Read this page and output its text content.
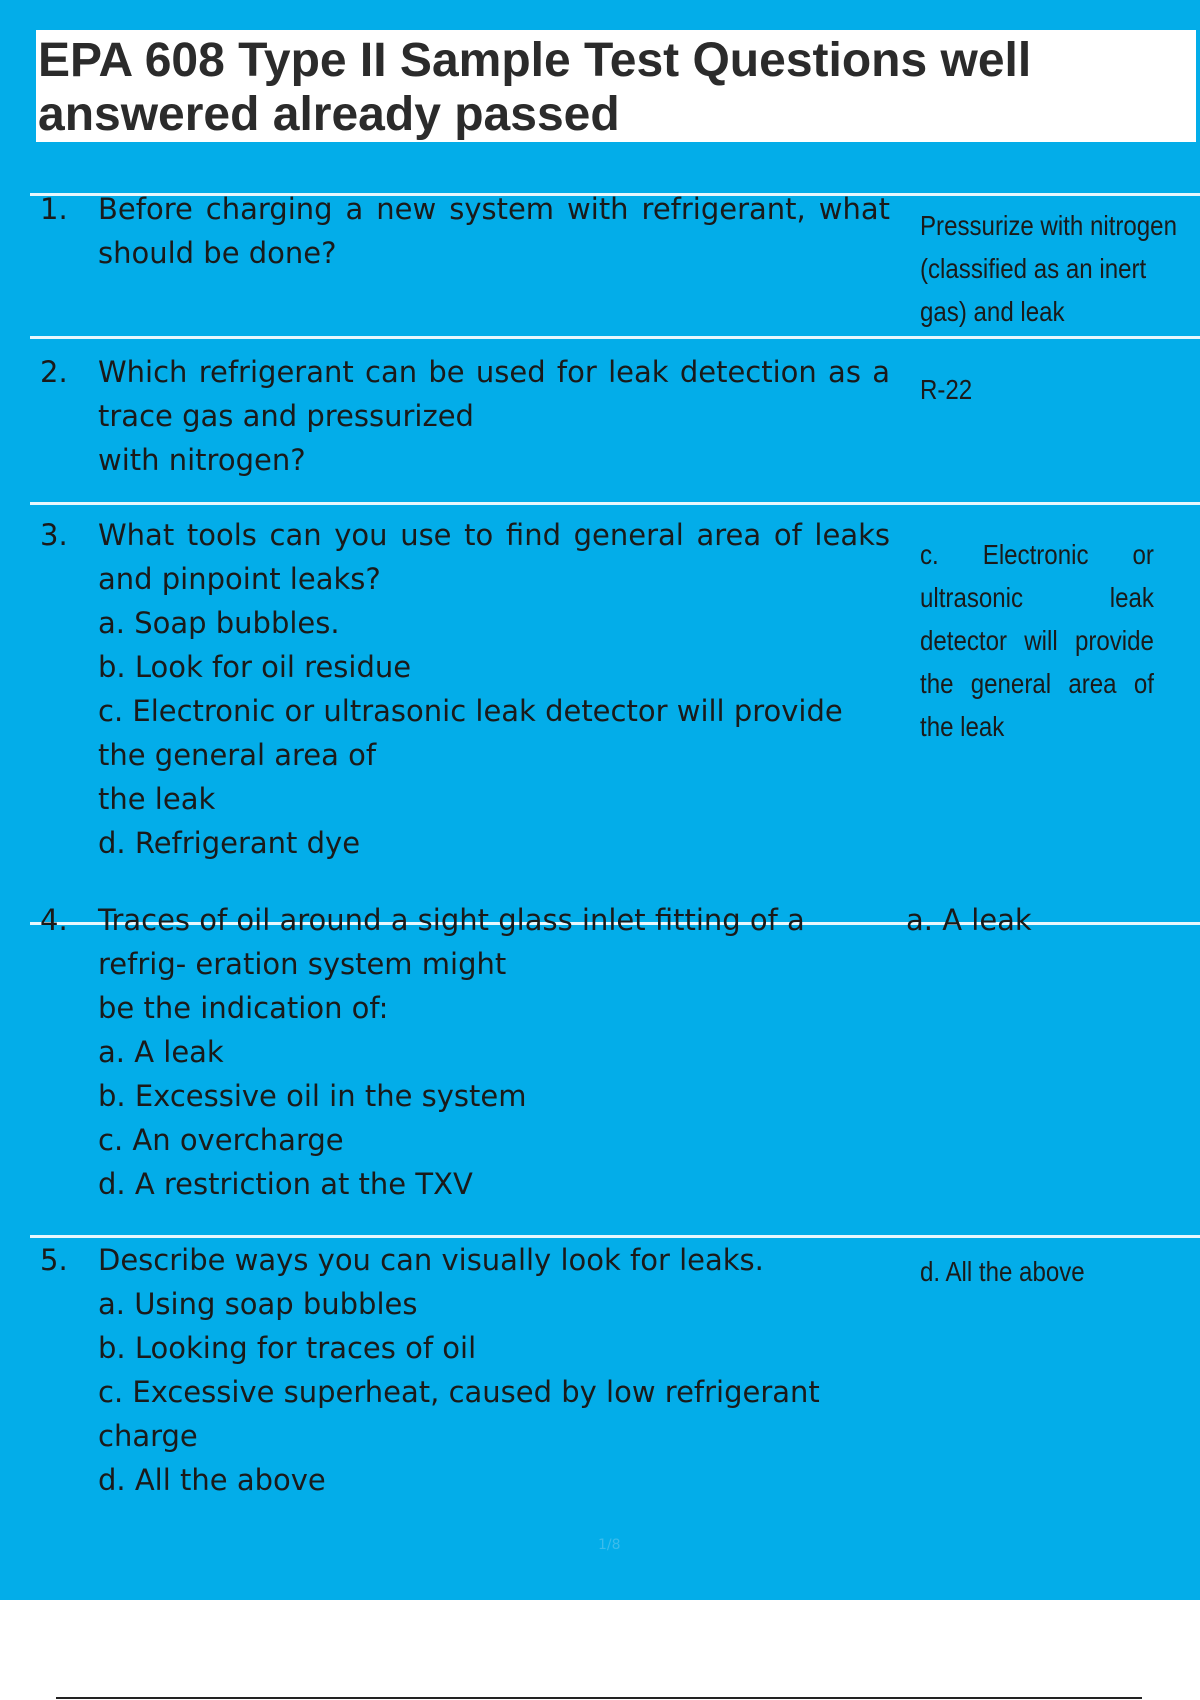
EPA 608 Type II Sample Test Questions well answered already passed
1. Before charging a new system with refrigerant, what should be done?

Pressurize with nitrogen (classified as an inert gas) and leak
2. Which refrigerant can be used for leak detection as a trace gas and pressurized

with nitrogen?

R-22
3. What tools can you use to find general area of leaks and pinpoint leaks?

a. Soap bubbles.

b. Look for oil residue

c. Electronic or ultrasonic leak detector will provide the general area of

the leak

d. Refrigerant dye

c. Electronic or ultrasonic leak detector will provide the general area of the leak
4. Traces of oil around a sight glass inlet fitting of a refrig- eration system might

be the indication of:

a. A leak

b. Excessive oil in the system

c. An overcharge

d. A restriction at the TXV

a. A leak
5. Describe ways you can visually look for leaks.

a. Using soap bubbles

b. Looking for traces of oil

c. Excessive superheat, caused by low refrigerant charge

d. All the above

d. All the above
1/8
